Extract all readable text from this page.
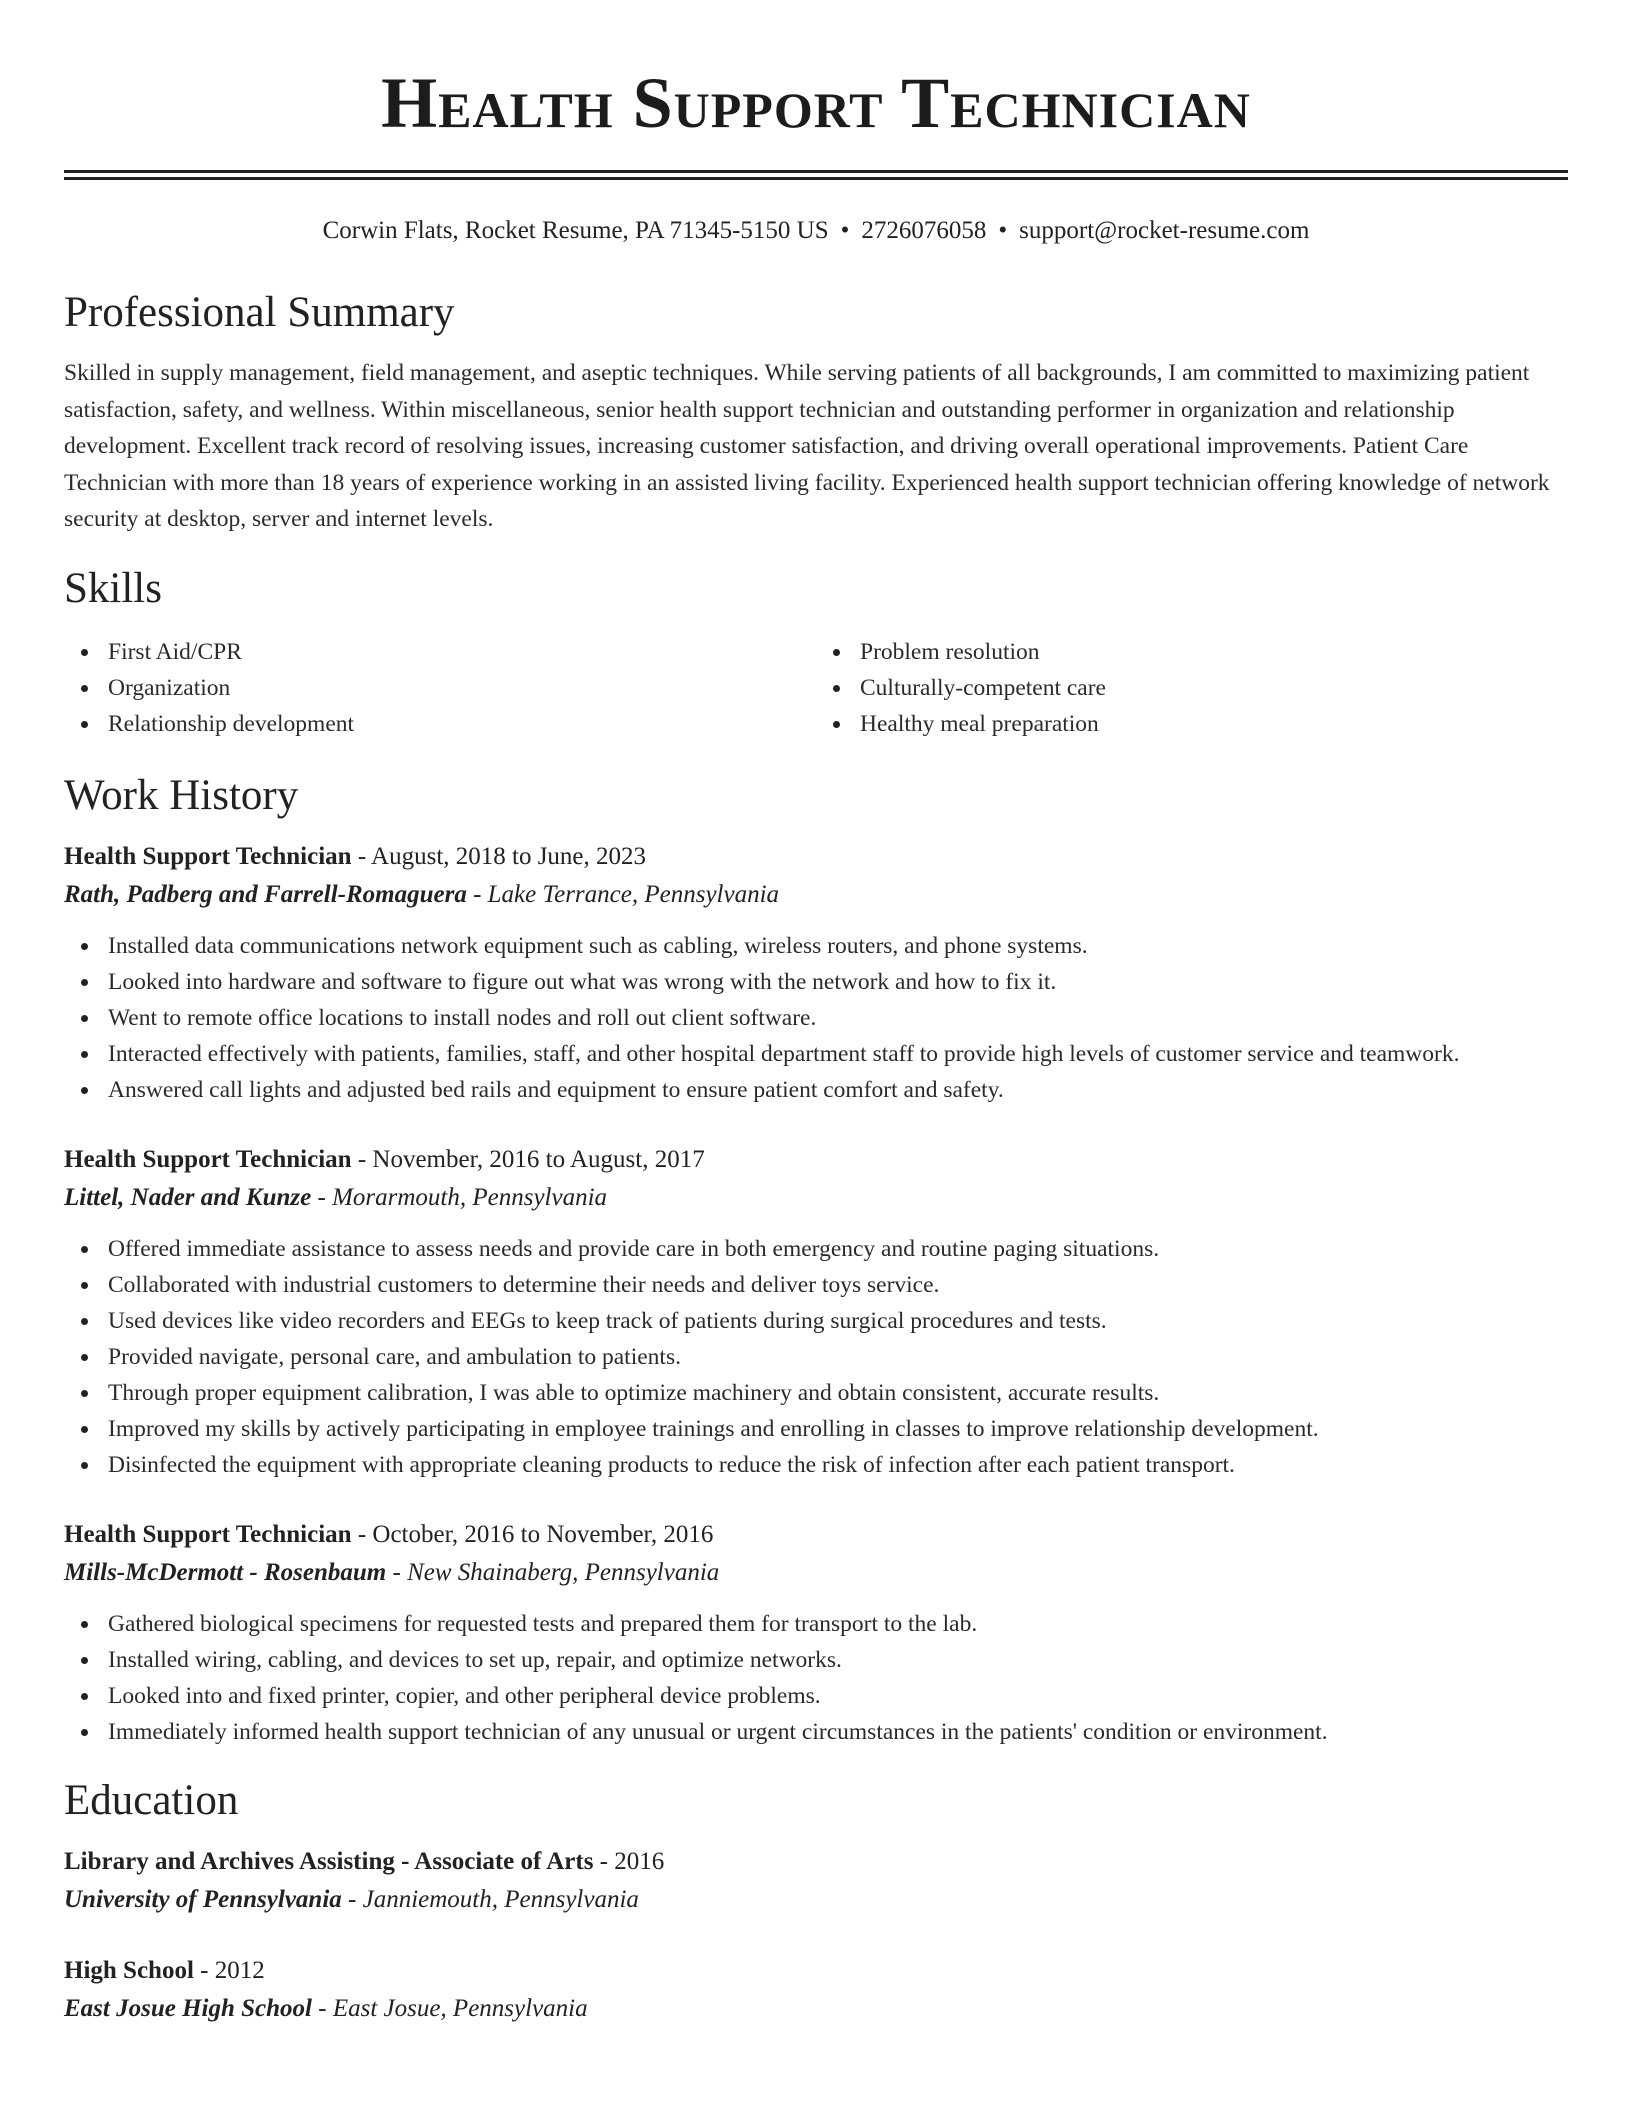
Health Support Technician
Corwin Flats, Rocket Resume, PA 71345-5150 US • 2726076058 • support@rocket-resume.com
Professional Summary

Skilled in supply management, field management, and aseptic techniques. While serving patients of all backgrounds, I am committed to maximizing patient satisfaction, safety, and wellness. Within miscellaneous, senior health support technician and outstanding performer in organization and relationship development. Excellent track record of resolving issues, increasing customer satisfaction, and driving overall operational improvements. Patient Care Technician with more than 18 years of experience working in an assisted living facility. Experienced health support technician offering knowledge of network security at desktop, server and internet levels.

Skills
First Aid/CPR
Organization
Relationship development
Problem resolution
Culturally-competent care
Healthy meal preparation
Work History
Health Support Technician - August, 2018 to June, 2023
Rath, Padberg and Farrell-Romaguera - Lake Terrance, Pennsylvania
Installed data communications network equipment such as cabling, wireless routers, and phone systems.
Looked into hardware and software to figure out what was wrong with the network and how to fix it.
Went to remote office locations to install nodes and roll out client software.
Interacted effectively with patients, families, staff, and other hospital department staff to provide high levels of customer service and teamwork.
Answered call lights and adjusted bed rails and equipment to ensure patient comfort and safety.
Health Support Technician - November, 2016 to August, 2017
Littel, Nader and Kunze - Morarmouth, Pennsylvania
Offered immediate assistance to assess needs and provide care in both emergency and routine paging situations.
Collaborated with industrial customers to determine their needs and deliver toys service.
Used devices like video recorders and EEGs to keep track of patients during surgical procedures and tests.
Provided navigate, personal care, and ambulation to patients.
Through proper equipment calibration, I was able to optimize machinery and obtain consistent, accurate results.
Improved my skills by actively participating in employee trainings and enrolling in classes to improve relationship development.
Disinfected the equipment with appropriate cleaning products to reduce the risk of infection after each patient transport.
Health Support Technician - October, 2016 to November, 2016
Mills-McDermott - Rosenbaum - New Shainaberg, Pennsylvania
Gathered biological specimens for requested tests and prepared them for transport to the lab.
Installed wiring, cabling, and devices to set up, repair, and optimize networks.
Looked into and fixed printer, copier, and other peripheral device problems.
Immediately informed health support technician of any unusual or urgent circumstances in the patients' condition or environment.
Education
Library and Archives Assisting - Associate of Arts - 2016
University of Pennsylvania - Janniemouth, Pennsylvania
High School - 2012
East Josue High School - East Josue, Pennsylvania
